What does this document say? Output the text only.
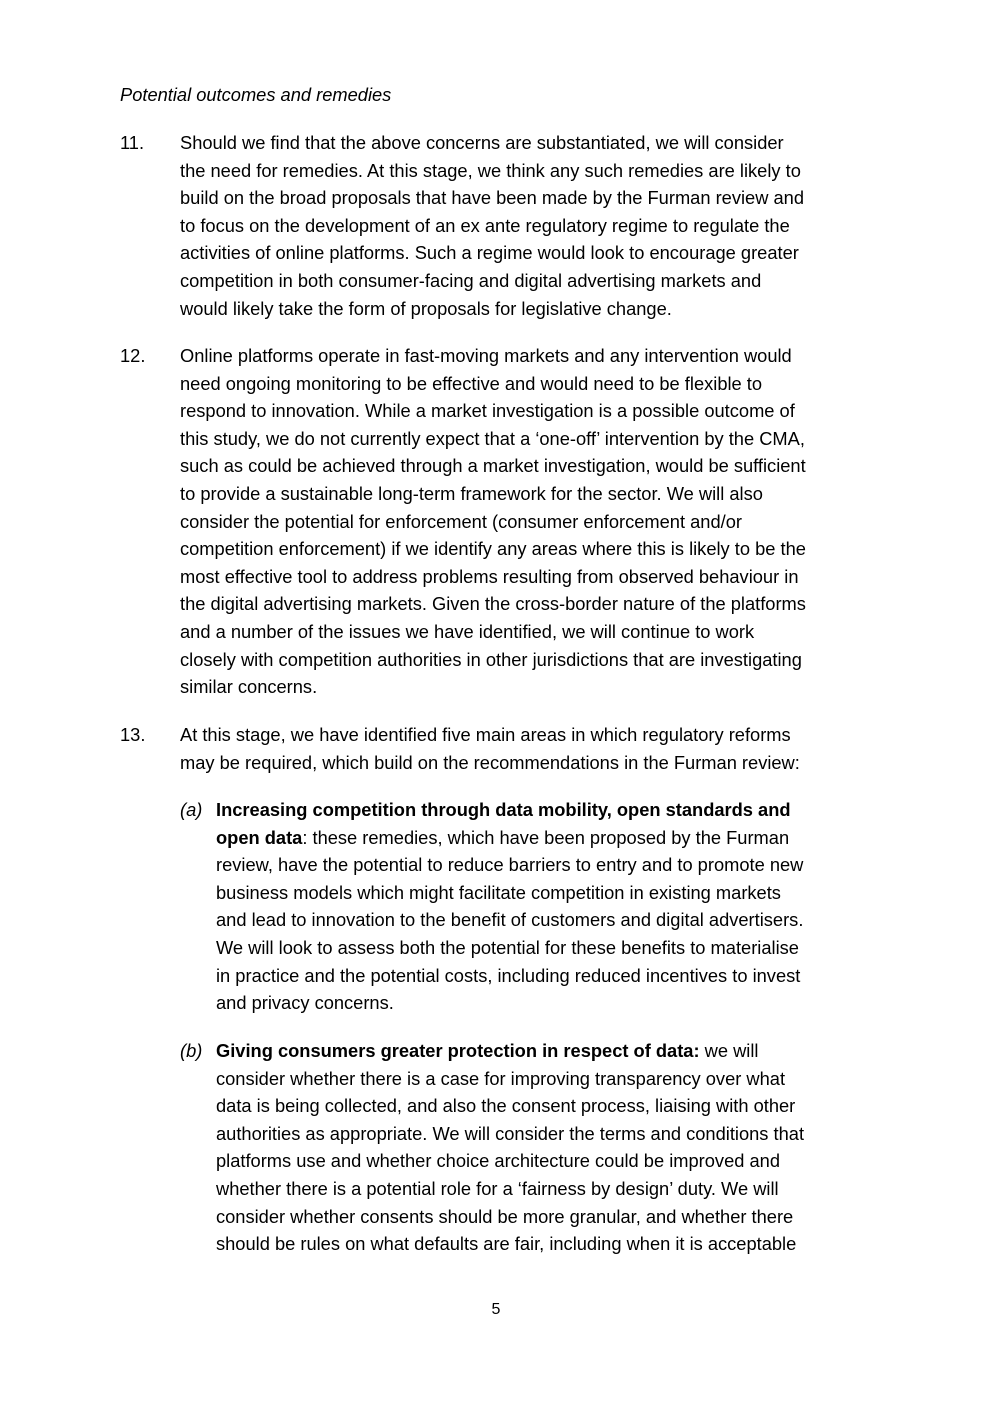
Potential outcomes and remedies

11.	Should we find that the above concerns are substantiated, we will consider
the need for remedies. At this stage, we think any such remedies are likely to
build on the broad proposals that have been made by the Furman review and
to focus on the development of an ex ante regulatory regime to regulate the
activities of online platforms. Such a regime would look to encourage greater
competition in both consumer-facing and digital advertising markets and
would likely take the form of proposals for legislative change.
12.	Online platforms operate in fast-moving markets and any intervention would
need ongoing monitoring to be effective and would need to be flexible to
respond to innovation. While a market investigation is a possible outcome of
this study, we do not currently expect that a ‘one-off’ intervention by the CMA,
such as could be achieved through a market investigation, would be sufficient
to provide a sustainable long-term framework for the sector. We will also
consider the potential for enforcement (consumer enforcement and/or
competition enforcement) if we identify any areas where this is likely to be the
most effective tool to address problems resulting from observed behaviour in
the digital advertising markets. Given the cross-border nature of the platforms
and a number of the issues we have identified, we will continue to work
closely with competition authorities in other jurisdictions that are investigating
similar concerns.
13.	At this stage, we have identified five main areas in which regulatory reforms
may be required, which build on the recommendations in the Furman review:
(a) Increasing competition through data mobility, open standards and
open data: these remedies, which have been proposed by the Furman
review, have the potential to reduce barriers to entry and to promote new
business models which might facilitate competition in existing markets
and lead to innovation to the benefit of customers and digital advertisers.
We will look to assess both the potential for these benefits to materialise
in practice and the potential costs, including reduced incentives to invest
and privacy concerns.
(b) Giving consumers greater protection in respect of data: we will
consider whether there is a case for improving transparency over what
data is being collected, and also the consent process, liaising with other
authorities as appropriate. We will consider the terms and conditions that
platforms use and whether choice architecture could be improved and
whether there is a potential role for a ‘fairness by design’ duty. We will
consider whether consents should be more granular, and whether there
should be rules on what defaults are fair, including when it is acceptable
5
